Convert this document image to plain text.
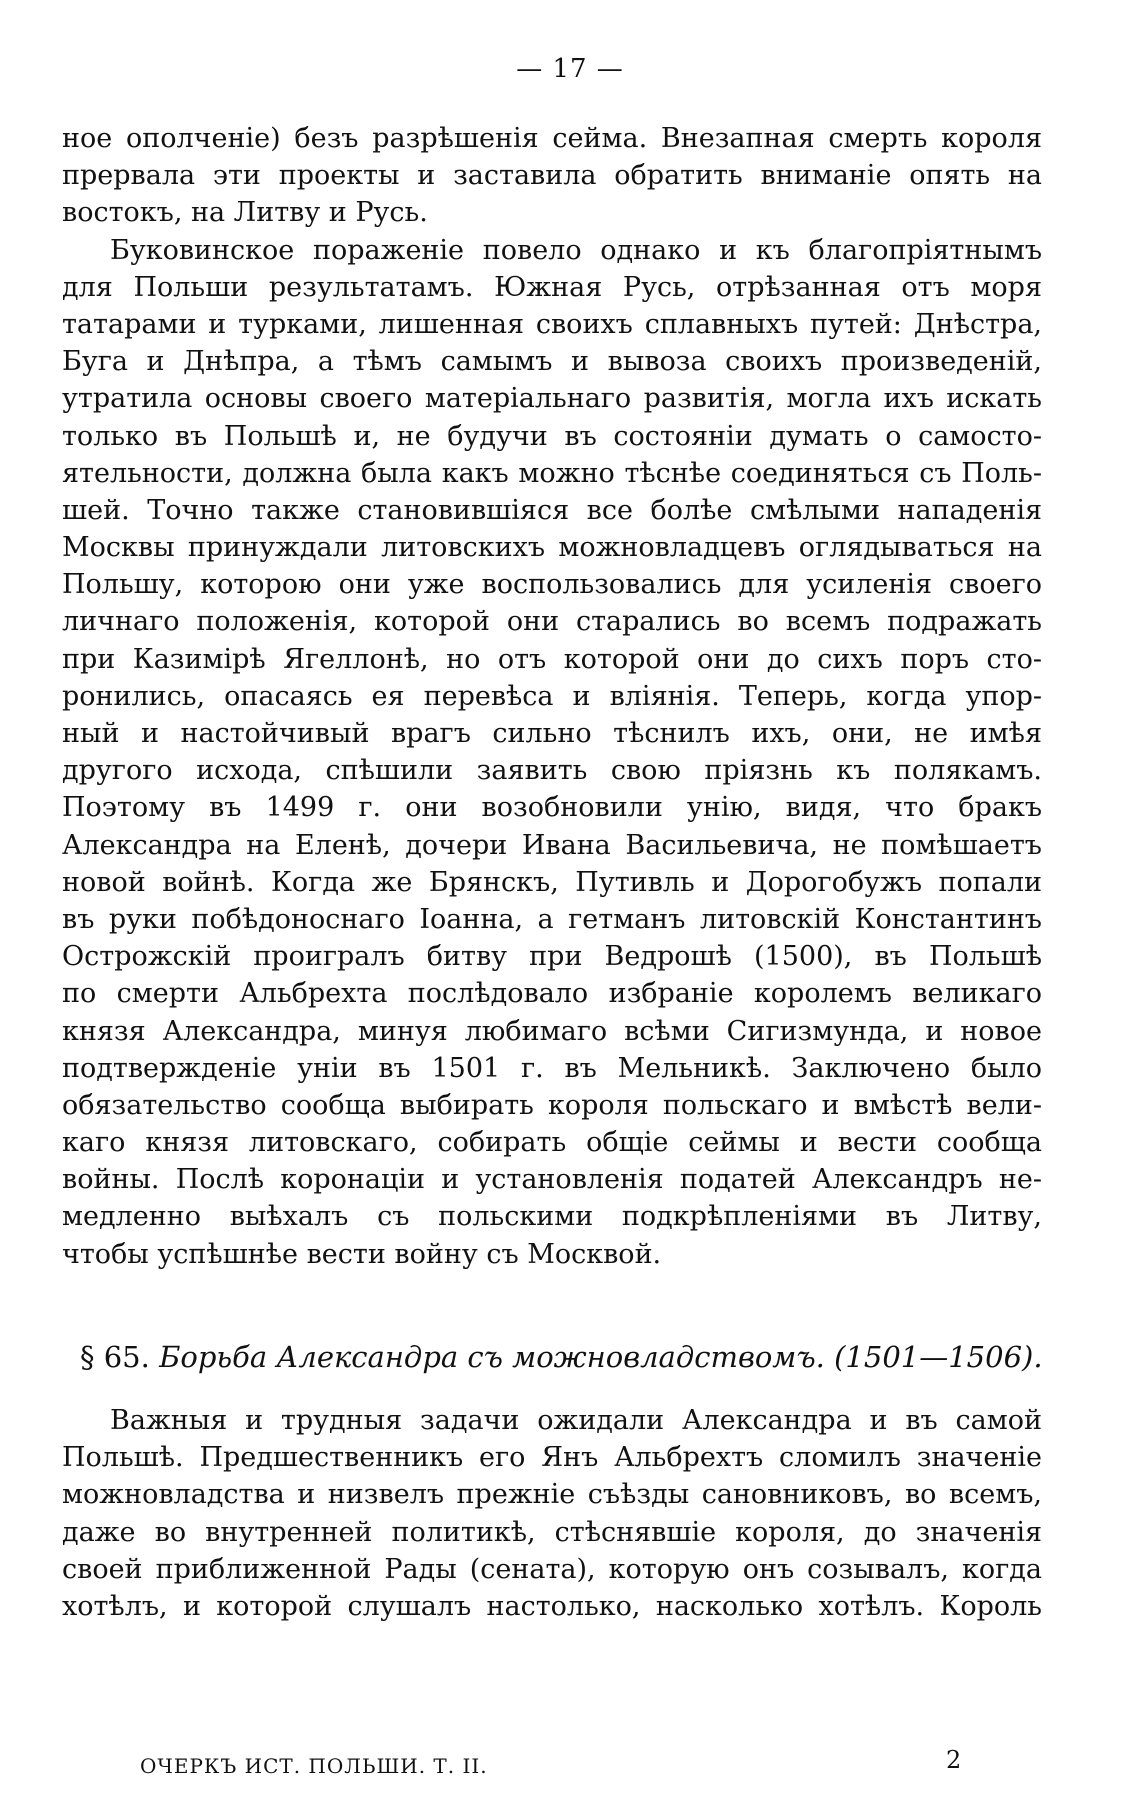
— 17 —
ное ополченіе) безъ разрѣшенія сейма. Внезапная смерть короля
прервала эти проекты и заставила обратить вниманіе опять на
востокъ, на Литву и Русь.
Буковинское пораженіе повело однако и къ благопріятнымъ
для Польши результатамъ. Южная Русь, отрѣзанная отъ моря
татарами и турками, лишенная своихъ сплавныхъ путей: Днѣстра,
Буга и Днѣпра, а тѣмъ самымъ и вывоза своихъ произведеній,
утратила основы своего матеріальнаго развитія, могла ихъ искать
только въ Польшѣ и, не будучи въ состояніи думать о самосто-
ятельности, должна была какъ можно тѣснѣе соединяться съ Поль-
шей. Точно также становившіяся все болѣе смѣлыми нападенія
Москвы принуждали литовскихъ можновладцевъ оглядываться на
Польшу, которою они уже воспользовались для усиленія своего
личнаго положенія, которой они старались во всемъ подражать
при Казимірѣ Ягеллонѣ, но отъ которой они до сихъ поръ сто-
ронились, опасаясь ея перевѣса и вліянія. Теперь, когда упор-
ный и настойчивый врагъ сильно тѣснилъ ихъ, они, не имѣя
другого исхода, спѣшили заявить свою пріязнь къ полякамъ.
Поэтому въ 1499 г. они возобновили унію, видя, что бракъ
Александра на Еленѣ, дочери Ивана Васильевича, не помѣшаетъ
новой войнѣ. Когда же Брянскъ, Путивль и Дорогобужъ попали
въ руки побѣдоноснаго Іоанна, а гетманъ литовскій Константинъ
Острожскій проигралъ битву при Ведрошѣ (1500), въ Польшѣ
по смерти Альбрехта послѣдовало избраніе королемъ великаго
князя Александра, минуя любимаго всѣми Сигизмунда, и новое
подтвержденіе уніи въ 1501 г. въ Мельникѣ. Заключено было
обязательство сообща выбирать короля польскаго и вмѣстѣ вели-
каго князя литовскаго, собирать общіе сеймы и вести сообща
войны. Послѣ коронаціи и установленія податей Александръ не-
медленно выѣхалъ съ польскими подкрѣпленіями въ Литву,
чтобы успѣшнѣе вести войну съ Москвой.
§ 65. Борьба Александра съ можновладствомъ. (1501—1506).
Важныя и трудныя задачи ожидали Александра и въ самой
Польшѣ. Предшественникъ его Янъ Альбрехтъ сломилъ значеніе
можновладства и низвелъ прежніе съѣзды сановниковъ, во всемъ,
даже во внутренней политикѣ, стѣснявшіе короля, до значенія
своей приближенной Рады (сената), которую онъ созывалъ, когда
хотѣлъ, и которой слушалъ настолько, насколько хотѣлъ. Король
ОЧЕРКЪ ИСТ. ПОЛЬШИ. Т. II.	2
